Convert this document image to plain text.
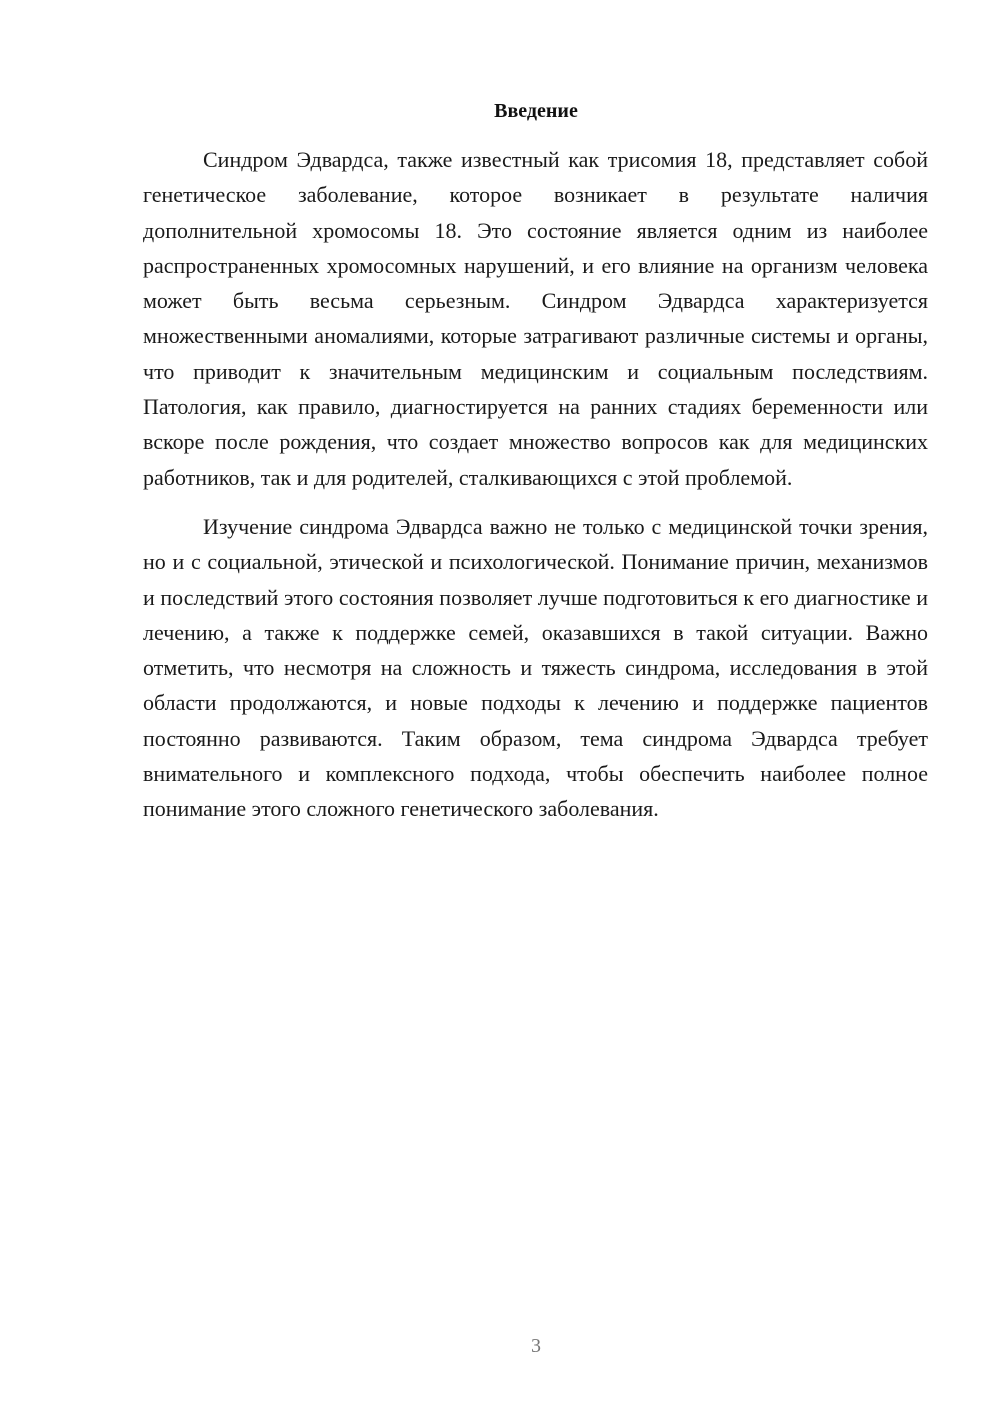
Введение

Синдром Эдвардса, также известный как трисомия 18, представляет собой генетическое заболевание, которое возникает в результате наличия дополнительной хромосомы 18. Это состояние является одним из наиболее распространенных хромосомных нарушений, и его влияние на организм человека может быть весьма серьезным. Синдром Эдвардса характеризуется множественными аномалиями, которые затрагивают различные системы и органы, что приводит к значительным медицинским и социальным последствиям. Патология, как правило, диагностируется на ранних стадиях беременности или вскоре после рождения, что создает множество вопросов как для медицинских работников, так и для родителей, сталкивающихся с этой проблемой.

Изучение синдрома Эдвардса важно не только с медицинской точки зрения, но и с социальной, этической и психологической. Понимание причин, механизмов и последствий этого состояния позволяет лучше подготовиться к его диагностике и лечению, а также к поддержке семей, оказавшихся в такой ситуации. Важно отметить, что несмотря на сложность и тяжесть синдрома, исследования в этой области продолжаются, и новые подходы к лечению и поддержке пациентов постоянно развиваются. Таким образом, тема синдрома Эдвардса требует внимательного и комплексного подхода, чтобы обеспечить наиболее полное понимание этого сложного генетического заболевания.

3
